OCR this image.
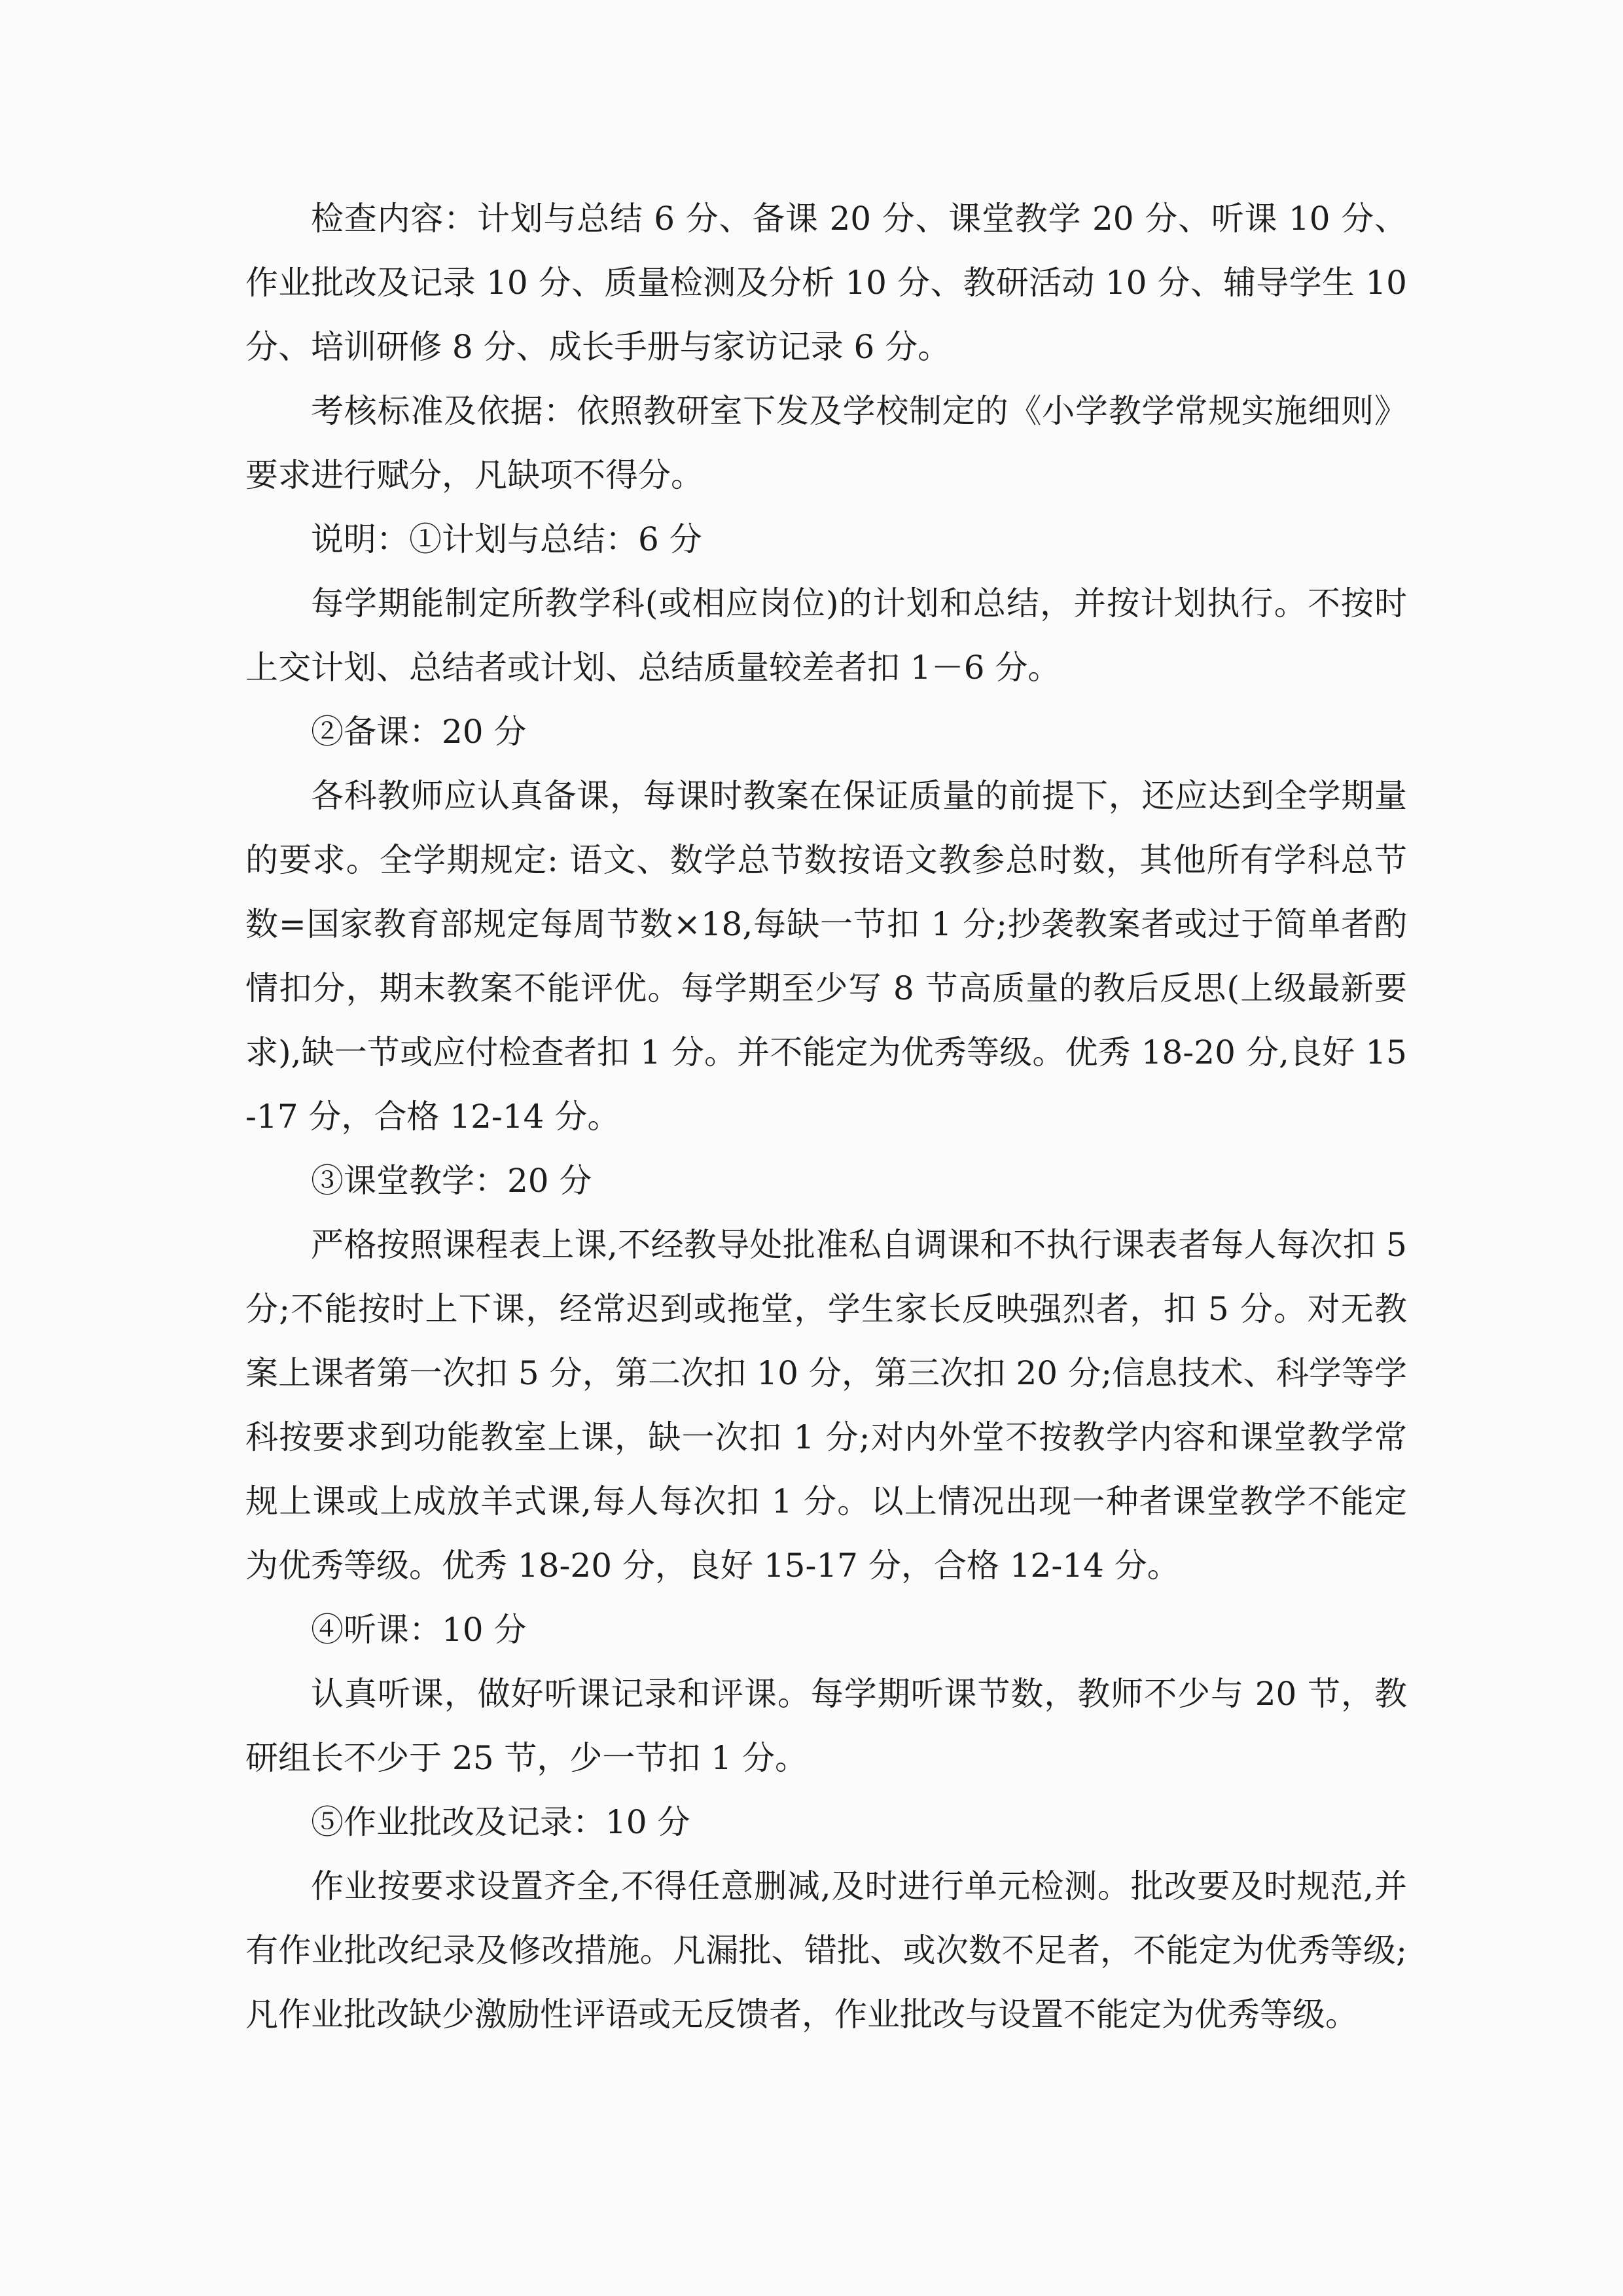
检查内容：计划与总结 6 分、备课 20 分、课堂教学 20 分、听课 10 分、作业批改及记录 10 分、质量检测及分析 10 分、教研活动 10 分、辅导学生 10 分、培训研修 8 分、成长手册与家访记录 6 分。

考核标准及依据：依照教研室下发及学校制定的《小学教学常规实施细则》要求进行赋分，凡缺项不得分。

说明：①计划与总结：6 分

每学期能制定所教学科(或相应岗位)的计划和总结，并按计划执行。不按时上交计划、总结者或计划、总结质量较差者扣 1－6 分。

②备课：20 分

各科教师应认真备课，每课时教案在保证质量的前提下，还应达到全学期量的要求。全学期规定: 语文、数学总节数按语文教参总时数，其他所有学科总节数=国家教育部规定每周节数×18,每缺一节扣 1 分;抄袭教案者或过于简单者酌情扣分，期末教案不能评优。每学期至少写 8 节高质量的教后反思(上级最新要求),缺一节或应付检查者扣 1 分。并不能定为优秀等级。优秀 18-20 分,良好 15-17 分，合格 12-14 分。

③课堂教学：20 分

严格按照课程表上课,不经教导处批准私自调课和不执行课表者每人每次扣 5 分;不能按时上下课，经常迟到或拖堂，学生家长反映强烈者，扣 5 分。对无教案上课者第一次扣 5 分，第二次扣 10 分，第三次扣 20 分;信息技术、科学等学科按要求到功能教室上课，缺一次扣 1 分;对内外堂不按教学内容和课堂教学常规上课或上成放羊式课,每人每次扣 1 分。以上情况出现一种者课堂教学不能定为优秀等级。优秀 18-20 分，良好 15-17 分，合格 12-14 分。

④听课：10 分

认真听课，做好听课记录和评课。每学期听课节数，教师不少与 20 节，教研组长不少于 25 节，少一节扣 1 分。

⑤作业批改及记录：10 分

作业按要求设置齐全,不得任意删减,及时进行单元检测。批改要及时规范,并有作业批改纪录及修改措施。凡漏批、错批、或次数不足者，不能定为优秀等级;凡作业批改缺少激励性评语或无反馈者，作业批改与设置不能定为优秀等级。
